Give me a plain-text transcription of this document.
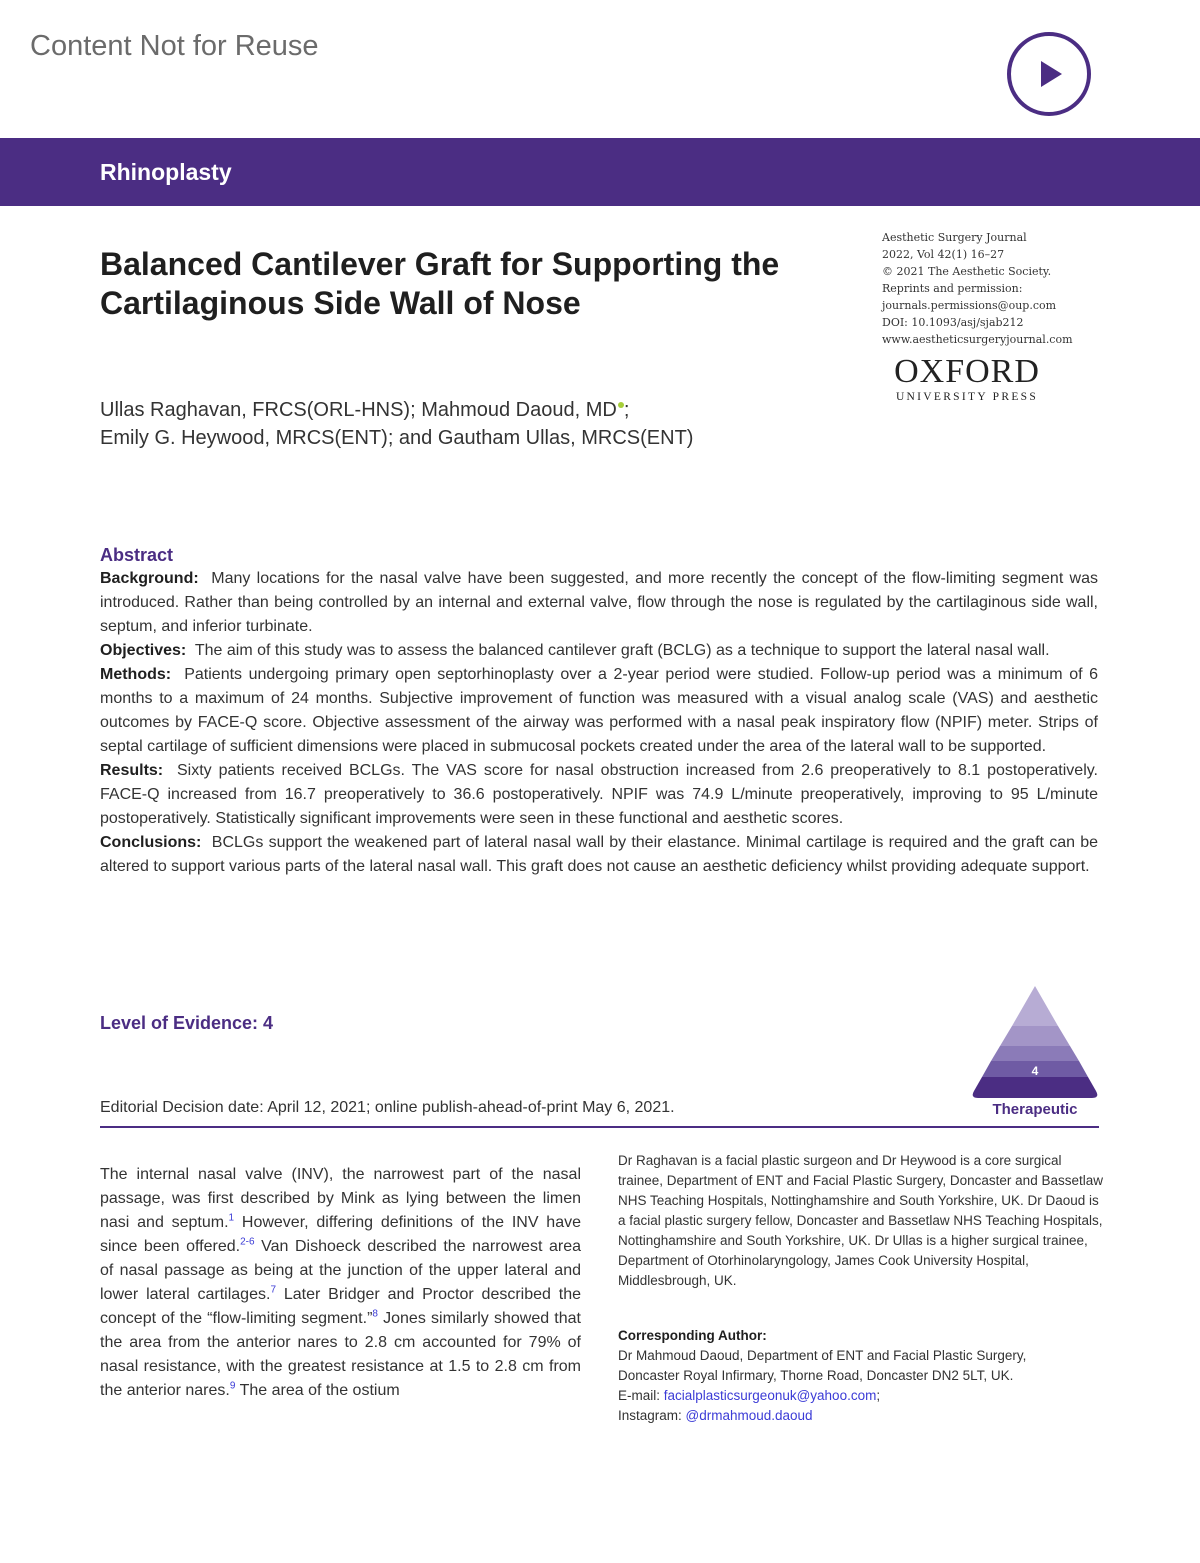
Content Not for Reuse
Rhinoplasty
Balanced Cantilever Graft for Supporting the Cartilaginous Side Wall of Nose
Aesthetic Surgery Journal
2022, Vol 42(1) 16–27
© 2021 The Aesthetic Society.
Reprints and permission:
journals.permissions@oup.com
DOI: 10.1093/asj/sjab212
www.aestheticsurgeryjournal.com
OXFORD
UNIVERSITY PRESS
Ullas Raghavan, FRCS(ORL-HNS); Mahmoud Daoud, MD ;
Emily G. Heywood, MRCS(ENT); and Gautham Ullas, MRCS(ENT)
Abstract

Background: Many locations for the nasal valve have been suggested, and more recently the concept of the flow-limiting segment was introduced. Rather than being controlled by an internal and external valve, flow through the nose is regulated by the cartilaginous side wall, septum, and inferior turbinate.

Objectives: The aim of this study was to assess the balanced cantilever graft (BCLG) as a technique to support the lateral nasal wall.

Methods: Patients undergoing primary open septorhinoplasty over a 2-year period were studied. Follow-up period was a minimum of 6 months to a maximum of 24 months. Subjective improvement of function was measured with a visual analog scale (VAS) and aesthetic outcomes by FACE-Q score. Objective assessment of the airway was performed with a nasal peak inspiratory flow (NPIF) meter. Strips of septal cartilage of sufficient dimensions were placed in submucosal pockets created under the area of the lateral wall to be supported.

Results: Sixty patients received BCLGs. The VAS score for nasal obstruction increased from 2.6 preoperatively to 8.1 postoperatively. FACE-Q increased from 16.7 preoperatively to 36.6 postoperatively. NPIF was 74.9 L/minute preoperatively, improving to 95 L/minute postoperatively. Statistically significant improvements were seen in these functional and aesthetic scores.

Conclusions: BCLGs support the weakened part of lateral nasal wall by their elastance. Minimal cartilage is required and the graft can be altered to support various parts of the lateral nasal wall. This graft does not cause an aesthetic deficiency whilst providing adequate support.

Level of Evidence: 4
4
Therapeutic
Editorial Decision date: April 12, 2021; online publish-ahead-of-print May 6, 2021.

The internal nasal valve (INV), the narrowest part of the nasal passage, was first described by Mink as lying between the limen nasi and septum.$^1$ However, differing definitions of the INV have since been offered.$^{2-6}$ Van Dishoeck described the narrowest area of nasal passage as being at the junction of the upper lateral and lower lateral cartilages.$^7$ Later Bridger and Proctor described the concept of the “flow-limiting segment.”$^8$ Jones similarly showed that the area from the anterior nares to 2.8 cm accounted for 79% of nasal resistance, with the greatest resistance at 1.5 to 2.8 cm from the anterior nares.$^9$ The area of the ostium

Dr Raghavan is a facial plastic surgeon and Dr Heywood is a core surgical trainee, Department of ENT and Facial Plastic Surgery, Doncaster and Bassetlaw NHS Teaching Hospitals, Nottinghamshire and South Yorkshire, UK. Dr Daoud is a facial plastic surgery fellow, Doncaster and Bassetlaw NHS Teaching Hospitals, Nottinghamshire and South Yorkshire, UK. Dr Ullas is a higher surgical trainee, Department of Otorhinolaryngology, James Cook University Hospital, Middlesbrough, UK.

Corresponding Author:
Dr Mahmoud Daoud, Department of ENT and Facial Plastic Surgery,
Doncaster Royal Infirmary, Thorne Road, Doncaster DN2 5LT, UK.
E-mail: facialplasticsurgeonuk@yahoo.com;
Instagram: @drmahmoud.daoud
